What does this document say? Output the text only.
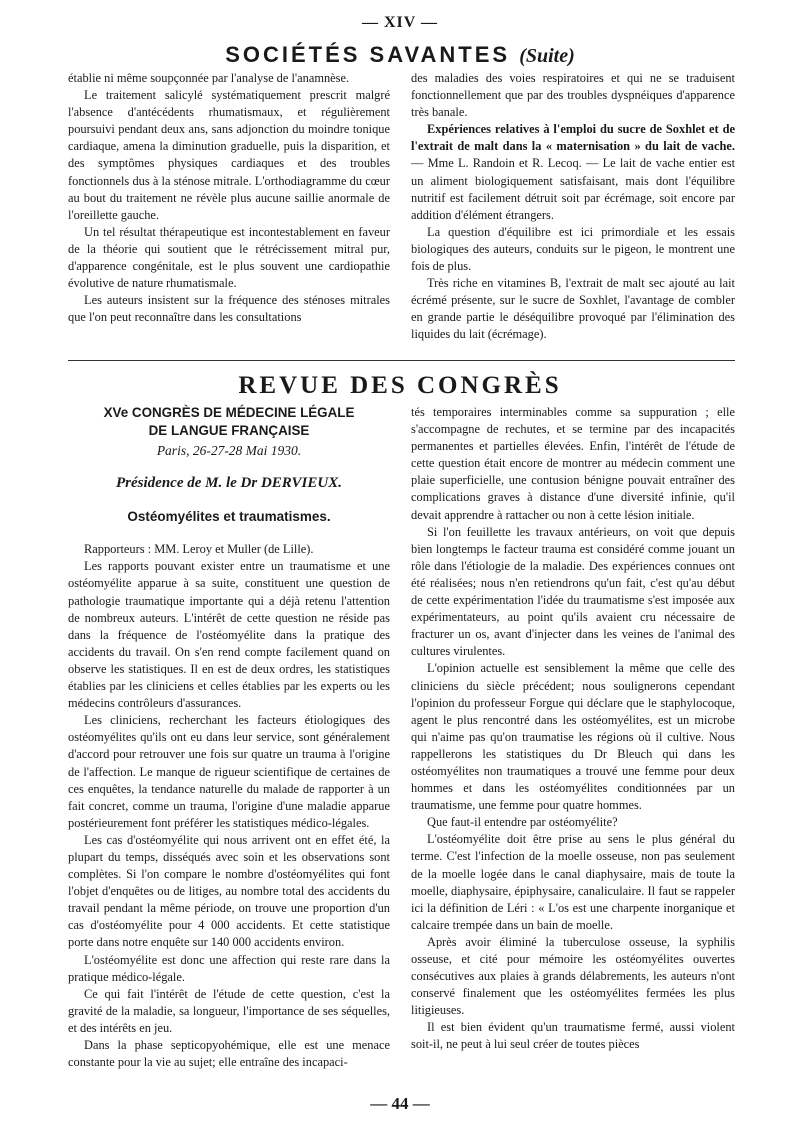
— XIV —
SOCIÉTÉS SAVANTES (Suite)

établie ni même soupçonnée par l'analyse de l'anamnèse.

Le traitement salicylé systématiquement prescrit malgré l'absence d'antécédents rhumatismaux, et régulièrement poursuivi pendant deux ans, sans adjonction du moindre tonique cardiaque, amena la diminution graduelle, puis la disparition, et des symptômes physiques cardiaques et des troubles fonctionnels dus à la sténose mitrale. L'orthodiagramme du cœur au bout du traitement ne révèle plus aucune saillie anormale de l'oreillette gauche.

Un tel résultat thérapeutique est incontestablement en faveur de la théorie qui soutient que le rétrécissement mitral pur, d'apparence congénitale, est le plus souvent une cardiopathie évolutive de nature rhumatismale.

Les auteurs insistent sur la fréquence des sténoses mitrales que l'on peut reconnaître dans les consultations

des maladies des voies respiratoires et qui ne se traduisent fonctionnellement que par des troubles dyspnéiques d'apparence très banale.

Expériences relatives à l'emploi du sucre de Soxhlet et de l'extrait de malt dans la « maternisation » du lait de vache. — Mme L. Randoin et R. Lecoq. — Le lait de vache entier est un aliment biologiquement satisfaisant, mais dont l'équilibre nutritif est facilement détruit soit par écrémage, soit encore par addition d'élément étrangers.

La question d'équilibre est ici primordiale et les essais biologiques des auteurs, conduits sur le pigeon, le montrent une fois de plus.

Très riche en vitamines B, l'extrait de malt sec ajouté au lait écrémé présente, sur le sucre de Soxhlet, l'avantage de combler en grande partie le déséquilibre provoqué par l'élimination des liquides du lait (écrémage).

REVUE DES CONGRÈS
XVe CONGRÈS DE MÉDECINE LÉGALE
DE LANGUE FRANÇAISE
Paris, 26-27-28 Mai 1930.
Présidence de M. le Dr DERVIEUX.
Ostéomyélites et traumatismes.

Rapporteurs : MM. Leroy et Muller (de Lille).

Les rapports pouvant exister entre un traumatisme et une ostéomyélite apparue à sa suite, constituent une question de pathologie traumatique importante qui a déjà retenu l'attention de nombreux auteurs. L'intérêt de cette question ne réside pas dans la fréquence de l'ostéomyélite dans la pratique des accidents du travail. On s'en rend compte facilement quand on observe les statistiques. Il en est de deux ordres, les statistiques établies par les cliniciens et celles établies par les experts ou les médecins contrôleurs d'assurances.

Les cliniciens, recherchant les facteurs étiologiques des ostéomyélites qu'ils ont eu dans leur service, sont généralement d'accord pour retrouver une fois sur quatre un trauma à l'origine de l'affection. Le manque de rigueur scientifique de certaines de ces enquêtes, la tendance naturelle du malade de rapporter à un fait concret, comme un trauma, l'origine d'une maladie apparue postérieurement font préférer les statistiques médico-légales.

Les cas d'ostéomyélite qui nous arrivent ont en effet été, la plupart du temps, disséqués avec soin et les observations sont complètes. Si l'on compare le nombre d'ostéomyélites qui font l'objet d'enquêtes ou de litiges, au nombre total des accidents du travail pendant la même période, on trouve une proportion d'un cas d'ostéomyélite pour 4 000 accidents. Et cette statistique porte dans notre enquête sur 140 000 accidents environ.

L'ostéomyélite est donc une affection qui reste rare dans la pratique médico-légale.

Ce qui fait l'intérêt de l'étude de cette question, c'est la gravité de la maladie, sa longueur, l'importance de ses séquelles, et des intérêts en jeu.

Dans la phase septicopyohémique, elle est une menace constante pour la vie au sujet; elle entraîne des incapaci-

tés temporaires interminables comme sa suppuration ; elle s'accompagne de rechutes, et se termine par des incapacités permanentes et partielles élevées. Enfin, l'intérêt de l'étude de cette question était encore de montrer au médecin comment une plaie superficielle, une contusion bénigne pouvait entraîner des complications graves à distance d'une diversité infinie, qu'il devait apprendre à rattacher ou non à cette lésion initiale.

Si l'on feuillette les travaux antérieurs, on voit que depuis bien longtemps le facteur trauma est considéré comme jouant un rôle dans l'étiologie de la maladie. Des expériences connues ont été réalisées; nous n'en retiendrons qu'un fait, c'est qu'au début de cette expérimentation l'idée du traumatisme s'est imposée aux expérimentateurs, au point qu'ils avaient cru nécessaire de fracturer un os, avant d'injecter dans les veines de l'animal des cultures virulentes.

L'opinion actuelle est sensiblement la même que celle des cliniciens du siècle précédent; nous soulignerons cependant l'opinion du professeur Forgue qui déclare que le staphylocoque, agent le plus rencontré dans les ostéomyélites, est un microbe qui n'aime pas qu'on traumatise les régions où il cultive. Nous rappellerons les statistiques du Dr Bleuch qui dans les ostéomyélites non traumatiques a trouvé une femme pour deux hommes et dans les ostéomyélites conditionnées par un traumatisme, une femme pour quatre hommes.

Que faut-il entendre par ostéomyélite?

L'ostéomyélite doit être prise au sens le plus général du terme. C'est l'infection de la moelle osseuse, non pas seulement de la moelle logée dans le canal diaphysaire, mais de toute la moelle, diaphysaire, épiphysaire, canaliculaire. Il faut se rappeler ici la définition de Léri : « L'os est une charpente inorganique et calcaire trempée dans un bain de moelle.

Après avoir éliminé la tuberculose osseuse, la syphilis osseuse, et cité pour mémoire les ostéomyélites ouvertes consécutives aux plaies à grands délabrements, les auteurs n'ont conservé finalement que les ostéomyélites fermées les plus litigieuses.

Il est bien évident qu'un traumatisme fermé, aussi violent soit-il, ne peut à lui seul créer de toutes pièces

— 44 —
